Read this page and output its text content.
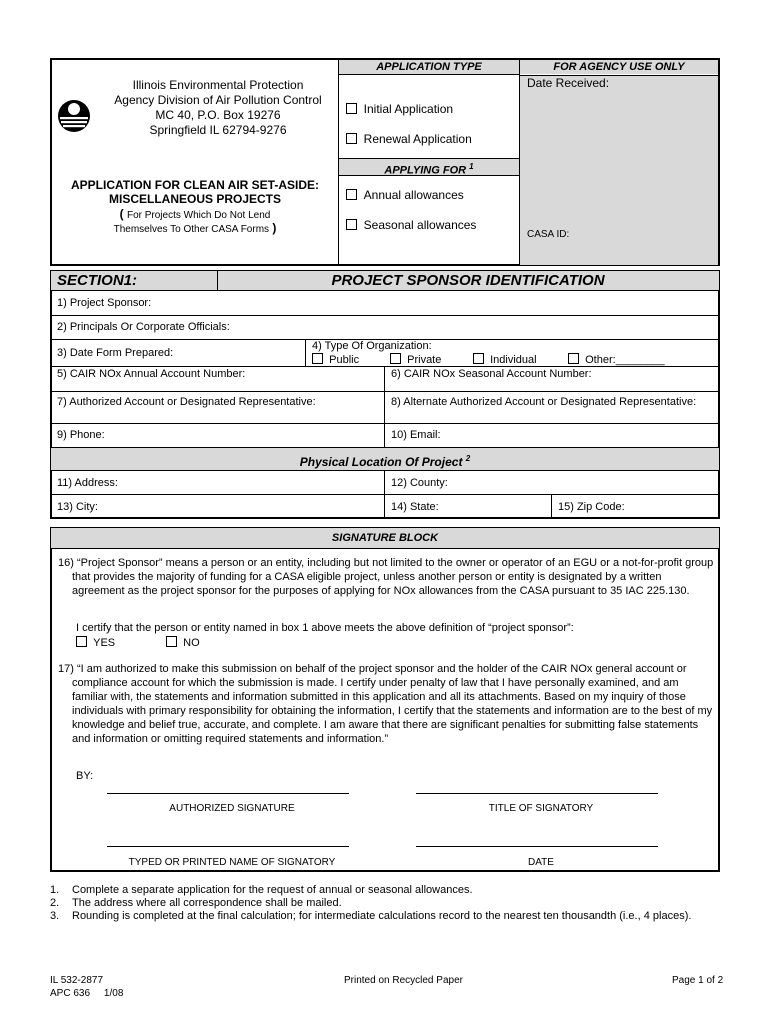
Illinois Environmental Protection
Agency Division of Air Pollution Control
MC 40, P.O. Box 19276
Springfield IL 62794-9276
APPLICATION FOR CLEAN AIR SET-ASIDE:
MISCELLANEOUS PROJECTS
( For Projects Which Do Not Lend
Themselves To Other CASA Forms )
APPLICATION TYPE
Initial Application
Renewal Application
APPLYING FOR $^1$
Annual allowances
Seasonal allowances
FOR AGENCY USE ONLY
Date Received:
CASA ID:
SECTION1:	PROJECT SPONSOR IDENTIFICATION
1) Project Sponsor:
2) Principals Or Corporate Officials:
3) Date Form Prepared:
4) Type Of Organization:
Public	Private	Individual	Other:________
5) CAIR NOx Annual Account Number:	6) CAIR NOx Seasonal Account Number:
7) Authorized Account or Designated Representative:	8) Alternate Authorized Account or Designated Representative:
9) Phone:	10) Email:
Physical Location Of Project $^2$
11) Address:	12) County:
13) City:	14) State:	15) Zip Code:
SIGNATURE BLOCK
16) “Project Sponsor” means a person or an entity, including but not limited to the owner or operator of an EGU or a not-for-profit group that provides the majority of funding for a CASA eligible project, unless another person or entity is designated by a written agreement as the project sponsor for the purposes of applying for NOx allowances from the CASA pursuant to 35 IAC 225.130.
I certify that the person or entity named in box 1 above meets the above definition of “project sponsor”:
YES	NO
17) “I am authorized to make this submission on behalf of the project sponsor and the holder of the CAIR NOx general account or compliance account for which the submission is made. I certify under penalty of law that I have personally examined, and am familiar with, the statements and information submitted in this application and all its attachments. Based on my inquiry of those individuals with primary responsibility for obtaining the information, I certify that the statements and information are to the best of my knowledge and belief true, accurate, and complete. I am aware that there are significant penalties for submitting false statements and information or omitting required statements and information.”
BY:
AUTHORIZED SIGNATURE	TITLE OF SIGNATORY
TYPED OR PRINTED NAME OF SIGNATORY	DATE
1. Complete a separate application for the request of annual or seasonal allowances.
2. The address where all correspondence shall be mailed.
3. Rounding is completed at the final calculation; for intermediate calculations record to the nearest ten thousandth (i.e., 4 places).
IL 532-2877
APC 636     1/08
Printed on Recycled Paper	Page 1 of 2
